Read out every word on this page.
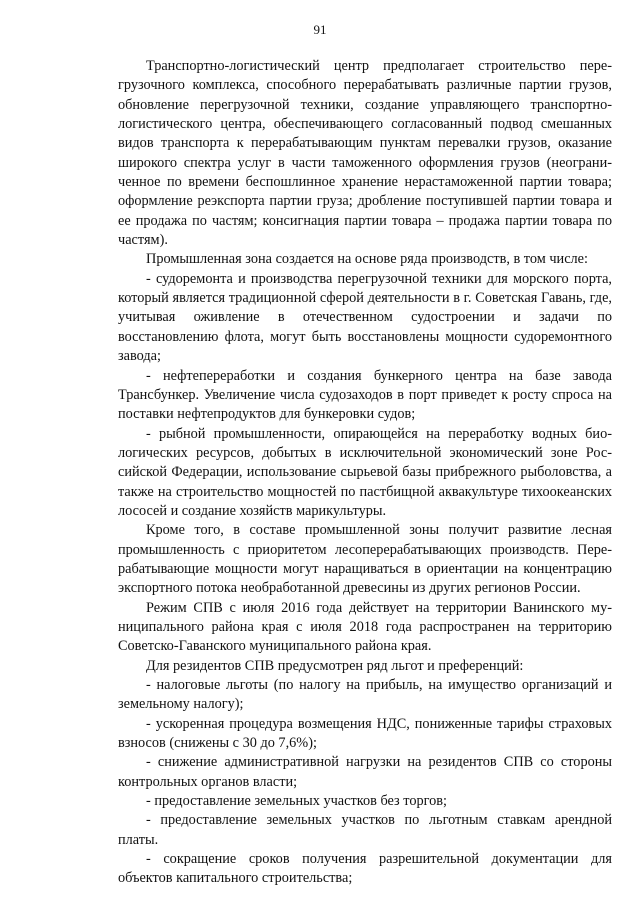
91

Транспортно-логистический центр предполагает строительство перегрузочного комплекса, способного перерабатывать различные партии грузов, обновление перегрузочной техники, создание управляющего транспортно-логистического центра, обеспечивающего согласованный подвод смешанных видов транспорта к перерабатывающим пунктам перевалки грузов, оказание широкого спектра услуг в части таможенного оформления грузов (неограниченное по времени беспошлинное хранение нерастаможенной партии товара; оформление реэкспорта партии груза; дробление поступившей партии товара и ее продажа по частям; консигнация партии товара – продажа партии товара по частям).

Промышленная зона создается на основе ряда производств, в том числе:

- судоремонта и производства перегрузочной техники для морского порта, который является традиционной сферой деятельности в г. Советская Гавань, где, учитывая оживление в отечественном судостроении и задачи по восстановлению флота, могут быть восстановлены мощности судоремонтного завода;

- нефтепереработки и создания бункерного центра на базе завода Трансбункер. Увеличение числа судозаходов в порт приведет к росту спроса на поставки нефтепродуктов для бункеровки судов;

- рыбной промышленности, опирающейся на переработку водных биологических ресурсов, добытых в исключительной экономический зоне Российской Федерации, использование сырьевой базы прибрежного рыболовства, а также на строительство мощностей по пастбищной аквакультуре тихоокеанских лососей и создание хозяйств марикультуры.

Кроме того, в составе промышленной зоны получит развитие лесная промышленность с приоритетом лесоперерабатывающих производств. Перерабатывающие мощности могут наращиваться в ориентации на концентрацию экспортного потока необработанной древесины из других регионов России.

Режим СПВ с июля 2016 года действует на территории Ванинского муниципального района края с июля 2018 года распространен на территорию Советско-Гаванского муниципального района края.

Для резидентов СПВ предусмотрен ряд льгот и преференций:

- налоговые льготы (по налогу на прибыль, на имущество организаций и земельному налогу);

- ускоренная процедура возмещения НДС, пониженные тарифы страховых взносов (снижены с 30 до 7,6%);

- снижение административной нагрузки на резидентов СПВ со стороны контрольных органов власти;

- предоставление земельных участков без торгов;

- предоставление земельных участков по льготным ставкам арендной платы.

- сокращение сроков получения разрешительной документации для объектов капитального строительства;
